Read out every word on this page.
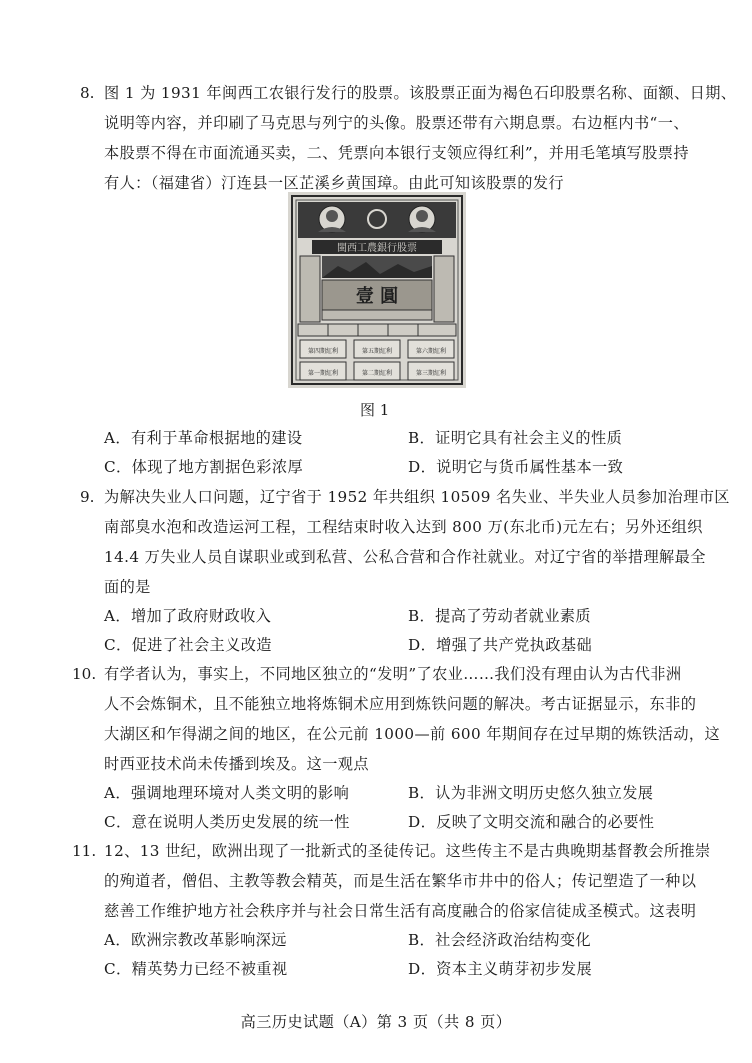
8. 图 1 为 1931 年闽西工农银行发行的股票。该股票正面为褐色石印股票名称、面额、日期、
说明等内容，并印刷了马克思与列宁的头像。股票还带有六期息票。右边框内书“一、
本股票不得在市面流通买卖，二、凭票向本银行支领应得红利”，并用毛笔填写股票持
有人：（福建省）汀连县一区芷溪乡黄国璋。由此可知该股票的发行
閩西工農銀行股票
壹 圓
第四期紅利	第五期紅利	第六期紅利
第一期紅利	第二期紅利	第三期紅利
图 1
A．有利于革命根据地的建设	B．证明它具有社会主义的性质
C．体现了地方割据色彩浓厚	D．说明它与货币属性基本一致
9. 为解决失业人口问题，辽宁省于 1952 年共组织 10509 名失业、半失业人员参加治理市区
南部臭水泡和改造运河工程，工程结束时收入达到 800 万(东北币)元左右；另外还组织
14.4 万失业人员自谋职业或到私营、公私合营和合作社就业。对辽宁省的举措理解最全
面的是
A．增加了政府财政收入	B．提高了劳动者就业素质
C．促进了社会主义改造	D．增强了共产党执政基础
10. 有学者认为，事实上，不同地区独立的“发明”了农业……我们没有理由认为古代非洲
人不会炼铜术，且不能独立地将炼铜术应用到炼铁问题的解决。考古证据显示，东非的
大湖区和乍得湖之间的地区，在公元前 1000—前 600 年期间存在过早期的炼铁活动，这
时西亚技术尚未传播到埃及。这一观点
A．强调地理环境对人类文明的影响	B．认为非洲文明历史悠久独立发展
C．意在说明人类历史发展的统一性	D．反映了文明交流和融合的必要性
11. 12、13 世纪，欧洲出现了一批新式的圣徒传记。这些传主不是古典晚期基督教会所推崇
的殉道者，僧侣、主教等教会精英，而是生活在繁华市井中的俗人；传记塑造了一种以
慈善工作维护地方社会秩序并与社会日常生活有高度融合的俗家信徒成圣模式。这表明
A．欧洲宗教改革影响深远	B．社会经济政治结构变化
C．精英势力已经不被重视	D．资本主义萌芽初步发展
高三历史试题（A）第 3 页（共 8 页）
